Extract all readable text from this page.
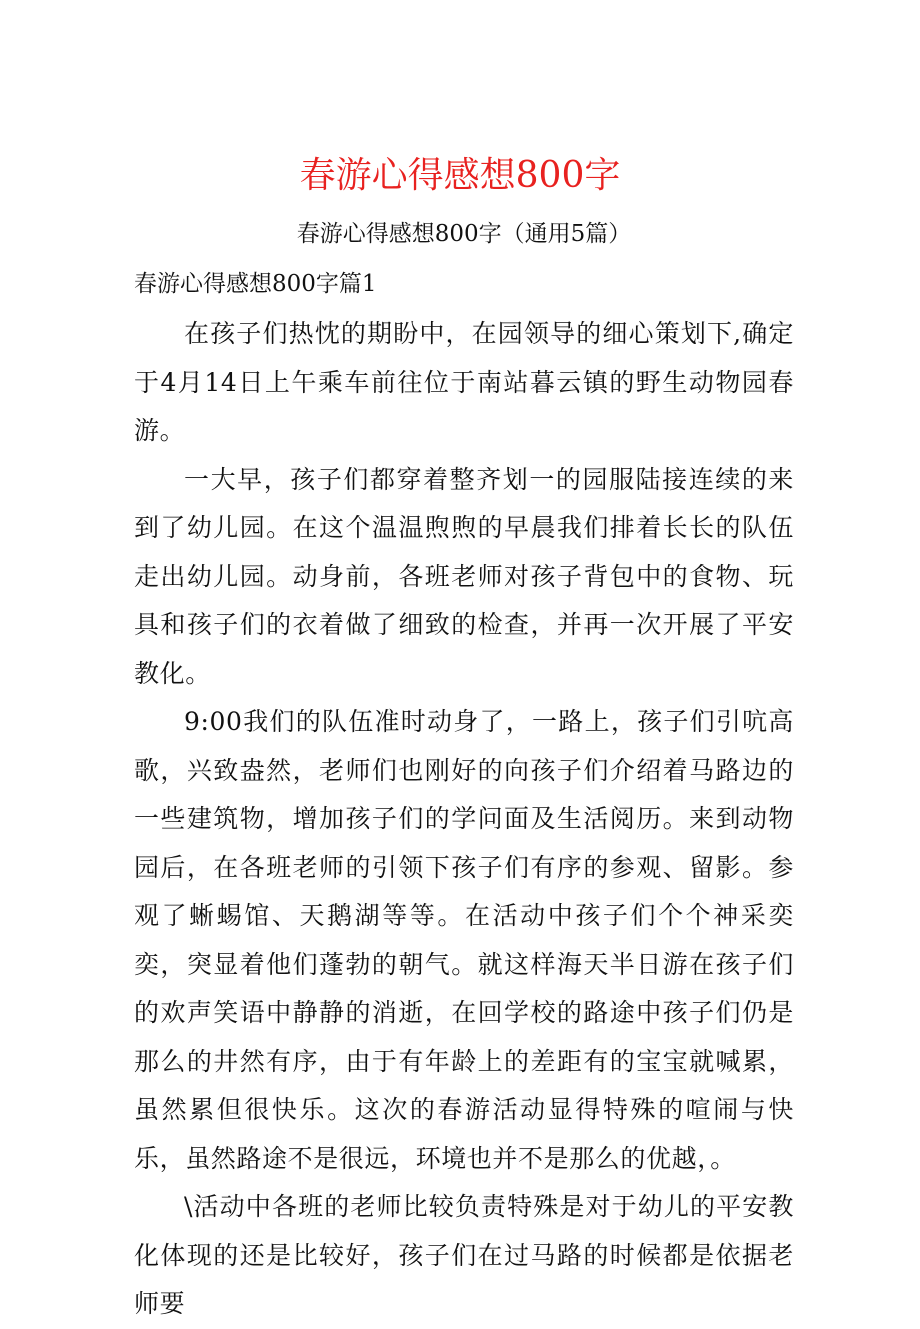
春游心得感想800字
春游心得感想800字（通用5篇）
春游心得感想800字篇1

在孩子们热忱的期盼中，在园领导的细心策划下,确定于4月14日上午乘车前往位于南站暮云镇的野生动物园春游。

一大早，孩子们都穿着整齐划一的园服陆接连续的来到了幼儿园。在这个温温煦煦的早晨我们排着长长的队伍走出幼儿园。动身前，各班老师对孩子背包中的食物、玩具和孩子们的衣着做了细致的检查，并再一次开展了平安教化。

9:00我们的队伍准时动身了，一路上，孩子们引吭高歌，兴致盎然，老师们也刚好的向孩子们介绍着马路边的一些建筑物，增加孩子们的学问面及生活阅历。来到动物园后，在各班老师的引领下孩子们有序的参观、留影。参观了蜥蜴馆、天鹅湖等等。在活动中孩子们个个神采奕奕，突显着他们蓬勃的朝气。就这样海天半日游在孩子们的欢声笑语中静静的消逝，在回学校的路途中孩子们仍是那么的井然有序，由于有年龄上的差距有的宝宝就喊累，虽然累但很快乐。这次的春游活动显得特殊的喧闹与快乐，虽然路途不是很远，环境也并不是那么的优越，。

\活动中各班的老师比较负责特殊是对于幼儿的平安教化体现的还是比较好，孩子们在过马路的时候都是依据老师要
